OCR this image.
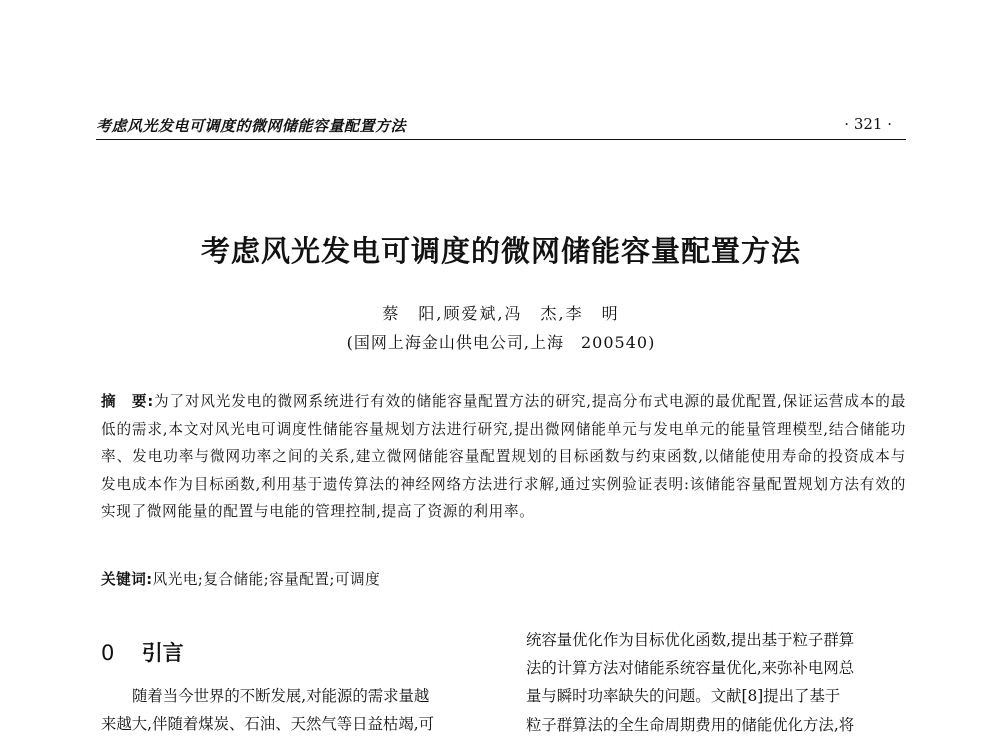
考虑风光发电可调度的微网储能容量配置方法	· 321 ·
考虑风光发电可调度的微网储能容量配置方法
蔡　阳,顾爱斌,冯　杰,李　明
(国网上海金山供电公司,上海　200540)
摘　要:为了对风光发电的微网系统进行有效的储能容量配置方法的研究,提高分布式电源的最优配置,保证运营成本的最低的需求,本文对风光电可调度性储能容量规划方法进行研究,提出微网储能单元与发电单元的能量管理模型,结合储能功率、发电功率与微网功率之间的关系,建立微网储能容量配置规划的目标函数与约束函数,以储能使用寿命的投资成本与发电成本作为目标函数,利用基于遗传算法的神经网络方法进行求解,通过实例验证表明:该储能容量配置规划方法有效的实现了微网能量的配置与电能的管理控制,提高了资源的利用率。
关键词:风光电;复合储能;容量配置;可调度
0 引言
随着当今世界的不断发展,对能源的需求量越
来越大,伴随着煤炭、石油、天然气等日益枯竭,可
统容量优化作为目标优化函数,提出基于粒子群算
法的计算方法对储能系统容量优化,来弥补电网总
量与瞬时功率缺失的问题。文献[8]提出了基于
粒子群算法的全生命周期费用的储能优化方法,将
